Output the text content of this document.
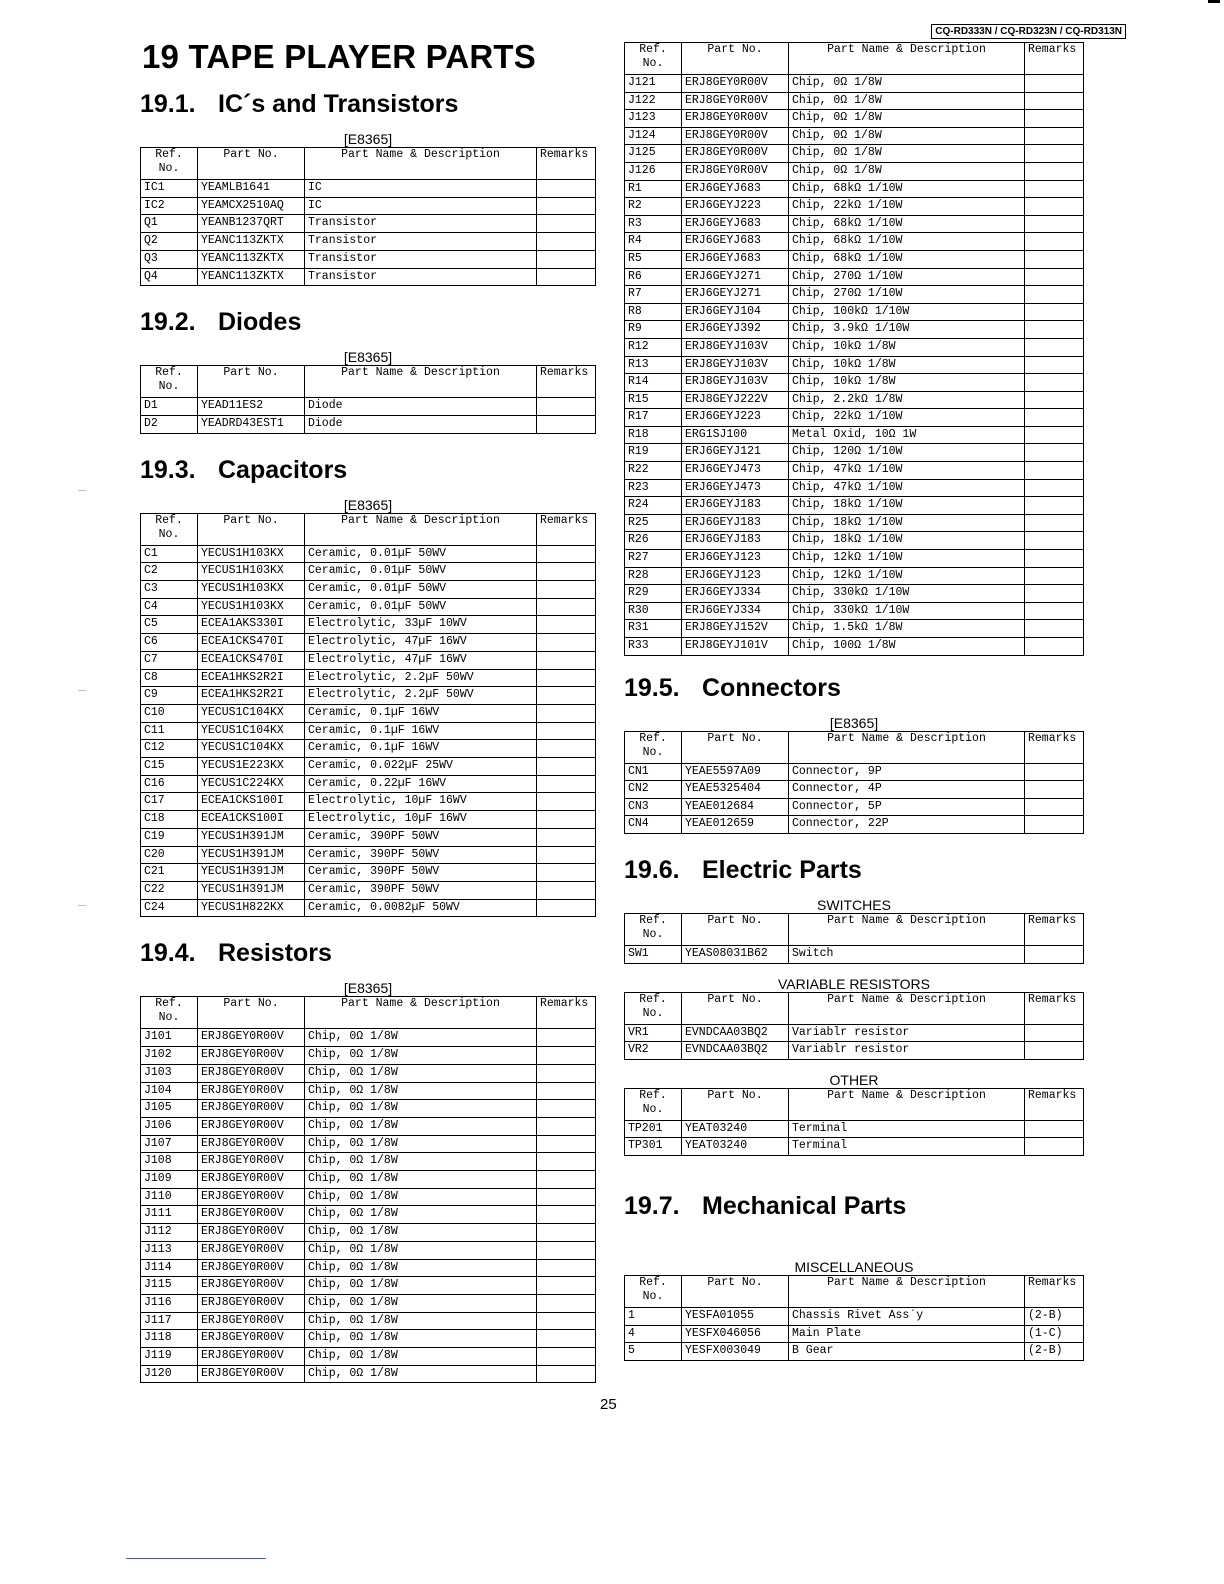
CQ-RD333N / CQ-RD323N / CQ-RD313N
19 TAPE PLAYER PARTS
19.1. IC´s and Transistors
[E8365]
Ref. No.	Part No.	Part Name & Description	Remarks
IC1	YEAMLB1641	IC	
IC2	YEAMCX2510AQ	IC	
Q1	YEANB1237QRT	Transistor	
Q2	YEANC113ZKTX	Transistor	
Q3	YEANC113ZKTX	Transistor	
Q4	YEANC113ZKTX	Transistor	
19.2. Diodes
[E8365]
Ref. No.	Part No.	Part Name & Description	Remarks
D1	YEAD11ES2	Diode	
D2	YEADRD43EST1	Diode	
19.3. Capacitors
[E8365]
Ref. No.	Part No.	Part Name & Description	Remarks
C1	YECUS1H103KX	Ceramic, 0.01µF 50WV	
C2	YECUS1H103KX	Ceramic, 0.01µF 50WV	
C3	YECUS1H103KX	Ceramic, 0.01µF 50WV	
C4	YECUS1H103KX	Ceramic, 0.01µF 50WV	
C5	ECEA1AKS330I	Electrolytic, 33µF 10WV	
C6	ECEA1CKS470I	Electrolytic, 47µF 16WV	
C7	ECEA1CKS470I	Electrolytic, 47µF 16WV	
C8	ECEA1HKS2R2I	Electrolytic, 2.2µF 50WV	
C9	ECEA1HKS2R2I	Electrolytic, 2.2µF 50WV	
C10	YECUS1C104KX	Ceramic, 0.1µF 16WV	
C11	YECUS1C104KX	Ceramic, 0.1µF 16WV	
C12	YECUS1C104KX	Ceramic, 0.1µF 16WV	
C15	YECUS1E223KX	Ceramic, 0.022µF 25WV	
C16	YECUS1C224KX	Ceramic, 0.22µF 16WV	
C17	ECEA1CKS100I	Electrolytic, 10µF 16WV	
C18	ECEA1CKS100I	Electrolytic, 10µF 16WV	
C19	YECUS1H391JM	Ceramic, 390PF 50WV	
C20	YECUS1H391JM	Ceramic, 390PF 50WV	
C21	YECUS1H391JM	Ceramic, 390PF 50WV	
C22	YECUS1H391JM	Ceramic, 390PF 50WV	
C24	YECUS1H822KX	Ceramic, 0.0082µF 50WV	
19.4. Resistors
[E8365]
Ref. No.	Part No.	Part Name & Description	Remarks
J101	ERJ8GEY0R00V	Chip, 0Ω 1/8W	
J102	ERJ8GEY0R00V	Chip, 0Ω 1/8W	
J103	ERJ8GEY0R00V	Chip, 0Ω 1/8W	
J104	ERJ8GEY0R00V	Chip, 0Ω 1/8W	
J105	ERJ8GEY0R00V	Chip, 0Ω 1/8W	
J106	ERJ8GEY0R00V	Chip, 0Ω 1/8W	
J107	ERJ8GEY0R00V	Chip, 0Ω 1/8W	
J108	ERJ8GEY0R00V	Chip, 0Ω 1/8W	
J109	ERJ8GEY0R00V	Chip, 0Ω 1/8W	
J110	ERJ8GEY0R00V	Chip, 0Ω 1/8W	
J111	ERJ8GEY0R00V	Chip, 0Ω 1/8W	
J112	ERJ8GEY0R00V	Chip, 0Ω 1/8W	
J113	ERJ8GEY0R00V	Chip, 0Ω 1/8W	
J114	ERJ8GEY0R00V	Chip, 0Ω 1/8W	
J115	ERJ8GEY0R00V	Chip, 0Ω 1/8W	
J116	ERJ8GEY0R00V	Chip, 0Ω 1/8W	
J117	ERJ8GEY0R00V	Chip, 0Ω 1/8W	
J118	ERJ8GEY0R00V	Chip, 0Ω 1/8W	
J119	ERJ8GEY0R00V	Chip, 0Ω 1/8W	
J120	ERJ8GEY0R00V	Chip, 0Ω 1/8W	
Ref. No.	Part No.	Part Name & Description	Remarks
J121	ERJ8GEY0R00V	Chip, 0Ω 1/8W	
J122	ERJ8GEY0R00V	Chip, 0Ω 1/8W	
J123	ERJ8GEY0R00V	Chip, 0Ω 1/8W	
J124	ERJ8GEY0R00V	Chip, 0Ω 1/8W	
J125	ERJ8GEY0R00V	Chip, 0Ω 1/8W	
J126	ERJ8GEY0R00V	Chip, 0Ω 1/8W	
R1	ERJ6GEYJ683	Chip, 68kΩ 1/10W	
R2	ERJ6GEYJ223	Chip, 22kΩ 1/10W	
R3	ERJ6GEYJ683	Chip, 68kΩ 1/10W	
R4	ERJ6GEYJ683	Chip, 68kΩ 1/10W	
R5	ERJ6GEYJ683	Chip, 68kΩ 1/10W	
R6	ERJ6GEYJ271	Chip, 270Ω 1/10W	
R7	ERJ6GEYJ271	Chip, 270Ω 1/10W	
R8	ERJ6GEYJ104	Chip, 100kΩ 1/10W	
R9	ERJ6GEYJ392	Chip, 3.9kΩ 1/10W	
R12	ERJ8GEYJ103V	Chip, 10kΩ 1/8W	
R13	ERJ8GEYJ103V	Chip, 10kΩ 1/8W	
R14	ERJ8GEYJ103V	Chip, 10kΩ 1/8W	
R15	ERJ8GEYJ222V	Chip, 2.2kΩ 1/8W	
R17	ERJ6GEYJ223	Chip, 22kΩ 1/10W	
R18	ERG1SJ100	Metal Oxid, 10Ω 1W	
R19	ERJ6GEYJ121	Chip, 120Ω 1/10W	
R22	ERJ6GEYJ473	Chip, 47kΩ 1/10W	
R23	ERJ6GEYJ473	Chip, 47kΩ 1/10W	
R24	ERJ6GEYJ183	Chip, 18kΩ 1/10W	
R25	ERJ6GEYJ183	Chip, 18kΩ 1/10W	
R26	ERJ6GEYJ183	Chip, 18kΩ 1/10W	
R27	ERJ6GEYJ123	Chip, 12kΩ 1/10W	
R28	ERJ6GEYJ123	Chip, 12kΩ 1/10W	
R29	ERJ6GEYJ334	Chip, 330kΩ 1/10W	
R30	ERJ6GEYJ334	Chip, 330kΩ 1/10W	
R31	ERJ8GEYJ152V	Chip, 1.5kΩ 1/8W	
R33	ERJ8GEYJ101V	Chip, 100Ω 1/8W	
19.5. Connectors
[E8365]
Ref. No.	Part No.	Part Name & Description	Remarks
CN1	YEAE5597A09	Connector, 9P	
CN2	YEAE5325404	Connector, 4P	
CN3	YEAE012684	Connector, 5P	
CN4	YEAE012659	Connector, 22P	
19.6. Electric Parts
SWITCHES
Ref. No.	Part No.	Part Name & Description	Remarks
SW1	YEAS08031B62	Switch	
VARIABLE RESISTORS
Ref. No.	Part No.	Part Name & Description	Remarks
VR1	EVNDCAA03BQ2	Variablr resistor	
VR2	EVNDCAA03BQ2	Variablr resistor	
OTHER
Ref. No.	Part No.	Part Name & Description	Remarks
TP201	YEAT03240	Terminal	
TP301	YEAT03240	Terminal	
19.7. Mechanical Parts
MISCELLANEOUS
Ref. No.	Part No.	Part Name & Description	Remarks
1	YESFA01055	Chassis Rivet Ass´y	(2-B)
4	YESFX046056	Main Plate	(1-C)
5	YESFX003049	B Gear	(2-B)
25
